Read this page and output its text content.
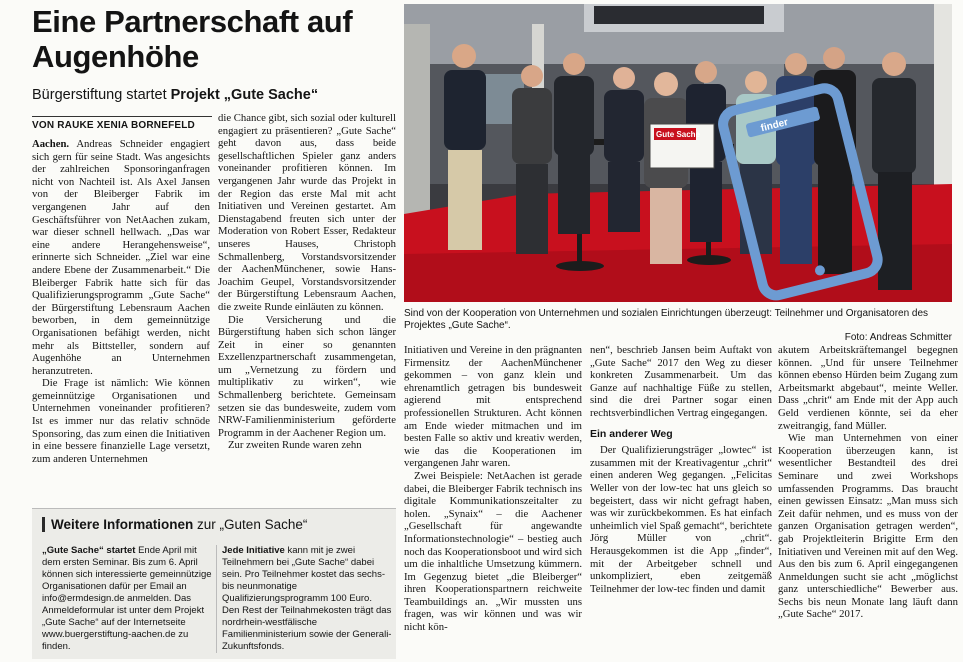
Eine Partnerschaft auf Augenhöhe
Bürgerstiftung startet Projekt „Gute Sache“
VON RAUKE XENIA BORNEFELD

Aachen. Andreas Schneider engagiert sich gern für seine Stadt. Was angesichts der zahlreichen Sponsoringanfragen nicht von Nachteil ist. Als Axel Jansen von der Bleiberger Fabrik im vergangenen Jahr auf den Geschäftsführer von NetAachen zukam, war dieser schnell hellwach. „Das war eine andere Herangehensweise“, erinnerte sich Schneider. „Ziel war eine andere Ebene der Zusammenarbeit.“ Die Bleiberger Fabrik hatte sich für das Qualifizierungsprogramm „Gute Sache“ der Bürgerstiftung Lebensraum Aachen beworben, in dem gemeinnützige Organisationen befähigt werden, nicht mehr als Bittsteller, sondern auf Augenhöhe an Unternehmen heranzutreten.

Die Frage ist nämlich: Wie können gemeinnützige Organisationen und Unternehmen voneinander profitieren? Ist es immer nur das relativ schnöde Sponsoring, das zum einen die Initiativen in eine bessere finanzielle Lage versetzt, zum anderen Unternehmen

die Chance gibt, sich sozial oder kulturell engagiert zu präsentieren? „Gute Sache“ geht davon aus, dass beide gesellschaftlichen Spieler ganz anders voneinander profitieren können. Im vergangenen Jahr wurde das Projekt in der Region das erste Mal mit acht Initiativen und Vereinen gestartet. Am Dienstagabend freuten sich unter der Moderation von Robert Esser, Redakteur unseres Hauses, Christoph Schmallenberg, Vorstandsvorsitzender der AachenMünchener, sowie Hans-Joachim Geupel, Vorstandsvorsitzender der Bürgerstiftung Lebensraum Aachen, die zweite Runde einläuten zu können.

Die Versicherung und die Bürgerstiftung haben sich schon länger Zeit in einer so genannten Exzellenzpartnerschaft zusammengetan, um „Vernetzung zu fördern und multiplikativ zu wirken“, wie Schmallenberg berichtete. Gemeinsam setzen sie das bundesweite, zudem vom NRW-Familienministerium geförderte Programm in der Aachener Region um.

Zur zweiten Runde waren zehn

Gute Sache
finder
Sind von der Kooperation von Unternehmen und sozialen Einrichtungen überzeugt: Teilnehmer und Organisatoren des Projektes „Gute Sache“.
Foto: Andreas Schmitter

Initiativen und Vereine in den prägnanten Firmensitz der AachenMünchener gekommen – von ganz klein und ehrenamtlich getragen bis bundesweit agierend mit entsprechend professionellen Strukturen. Acht können am Ende wieder mitmachen und im besten Falle so aktiv und kreativ werden, wie das die Kooperationen im vergangenen Jahr waren.

Zwei Beispiele: NetAachen ist gerade dabei, die Bleiberger Fabrik technisch ins digitale Kommunikationszeitalter zu holen. „Synaix“ – die Aachener „Gesellschaft für angewandte Informationstechnologie“ – bestieg auch noch das Kooperationsboot und wird sich um die inhaltliche Umsetzung kümmern. Im Gegenzug bietet „die Bleiberger“ ihren Kooperationspartnern reichweite Teambuildings an. „Wir mussten uns fragen, was wir können und was wir nicht kön-

nen“, beschrieb Jansen beim Auftakt von „Gute Sache“ 2017 den Weg zu dieser konkreten Zusammenarbeit. Um das Ganze auf nachhaltige Füße zu stellen, sind die drei Partner sogar einen rechtsverbindlichen Vertrag eingegangen.

Ein anderer Weg

Der Qualifizierungsträger „lowtec“ ist zusammen mit der Kreativagentur „chrit“ einen anderen Weg gegangen. „Felicitas Weller von der low-tec hat uns gleich so begeistert, dass wir nicht gefragt haben, was wir zurückbekommen. Es hat einfach unheimlich viel Spaß gemacht“, berichtete Jörg Müller von „chrit“. Herausgekommen ist die App „finder“, mit der Arbeitgeber schnell und unkompliziert, eben zeitgemäß Teilnehmer der low-tec finden und damit

akutem Arbeitskräftemangel begegnen können. „Und für unsere Teilnehmer können ebenso Hürden beim Zugang zum Arbeitsmarkt abgebaut“, meinte Weller. Dass „chrit“ am Ende mit der App auch Geld verdienen könnte, sei da eher zweitrangig, fand Müller.

Wie man Unternehmen von einer Kooperation überzeugen kann, ist wesentlicher Bestandteil des drei Seminare und zwei Workshops umfassenden Programms. Das braucht einen gewissen Einsatz: „Man muss sich Zeit dafür nehmen, und es muss von der ganzen Organisation getragen werden“, gab Projektleiterin Brigitte Erm den Initiativen und Vereinen mit auf den Weg. Aus den bis zum 6. April eingegangenen Anmeldungen sucht sie acht „möglichst ganz unterschiedliche“ Bewerber aus. Sechs bis neun Monate lang läuft dann „Gute Sache“ 2017.

Weitere Informationen zur „Guten Sache“
„Gute Sache“ startet Ende April mit dem ersten Seminar. Bis zum 6. April können sich interessierte gemeinnützige Organisationen dafür per Email an info@ermdesign.de anmelden. Das Anmeldeformular ist unter dem Projekt „Gute Sache“ auf der Internetseite www.buergerstiftung-aachen.de zu finden.
Jede Initiative kann mit je zwei Teilnehmern bei „Gute Sache“ dabei sein. Pro Teilnehmer kostet das sechs- bis neunmonatige Qualifizierungsprogramm 100 Euro. Den Rest der Teilnahmekosten trägt das nordrhein-westfälische Familienministerium sowie der Generali-Zukunftsfonds.
